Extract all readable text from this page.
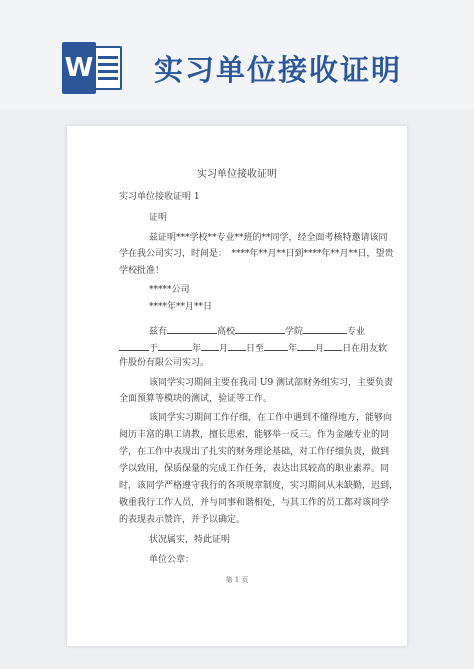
W 实习单位接收证明
实习单位接收证明
实习单位接收证明 1
证明
兹证明***学校**专业**班的**同学，经全面考核特邀请该同
学在我公司实习，时间是：　****年**月**日到****年**月**日，望贵
学校批准！
*****公司
****年**月**日
兹有	高校	学院	专业
于	年 月 日至	年 月 日在用友软
件股份有限公司实习。
该同学实习期间主要在我司 U9 测试部财务组实习，主要负责
全面预算等模块的测试，验证等工作。
该同学实习期间工作仔细，在工作中遇到不懂得地方，能够向
阅历丰富的职工请教，擅长思索，能够举一反三。作为金融专业的同
学，在工作中表现出了扎实的财务理论基础，对工作仔细负责，做到
学以致用，保质保量的完成工作任务，表达出其较高的职业素养。同
时，该同学严格遵守我行的各项规章制度，实习期间从未缺勤，迟到，
敬重我行工作人员，并与同事和谐相处，与其工作的员工都对该同学
的表现表示赞许，并予以确定。
状况属实，特此证明
单位公章：
第 1 页
